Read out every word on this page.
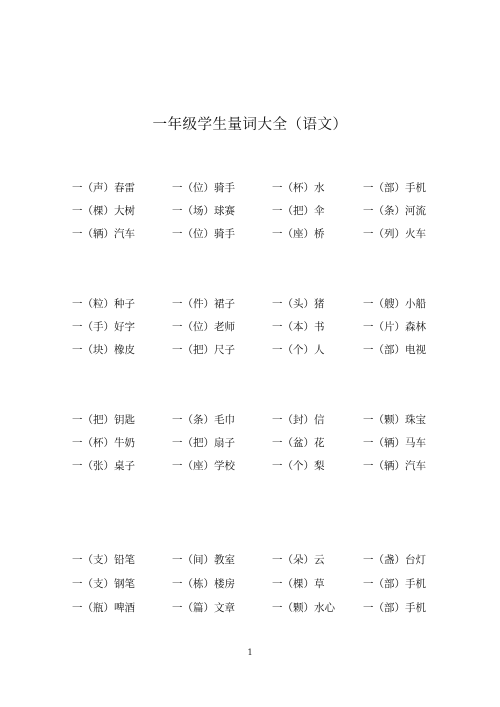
一年级学生量词大全（语文）
一（声）春雷	一（位）骑手	一（杯）水	一（部）手机
一（棵）大树	一（场）球赛	一（把）伞	一（条）河流
一（辆）汽车	一（位）骑手	一（座）桥	一（列）火车
一（粒）种子	一（件）裙子	一（头）猪	一（艘）小船
一（手）好字	一（位）老师	一（本）书	一（片）森林
一（块）橡皮	一（把）尺子	一（个）人	一（部）电视
一（把）钥匙	一（条）毛巾	一（封）信	一（颗）珠宝
一（杯）牛奶	一（把）扇子	一（盆）花	一（辆）马车
一（张）桌子	一（座）学校	一（个）梨	一（辆）汽车
一（支）铅笔	一（间）教室	一（朵）云	一（盏）台灯
一（支）钢笔	一（栋）楼房	一（棵）草	一（部）手机
一（瓶）啤酒	一（篇）文章	一（颗）水心	一（部）手机
1
